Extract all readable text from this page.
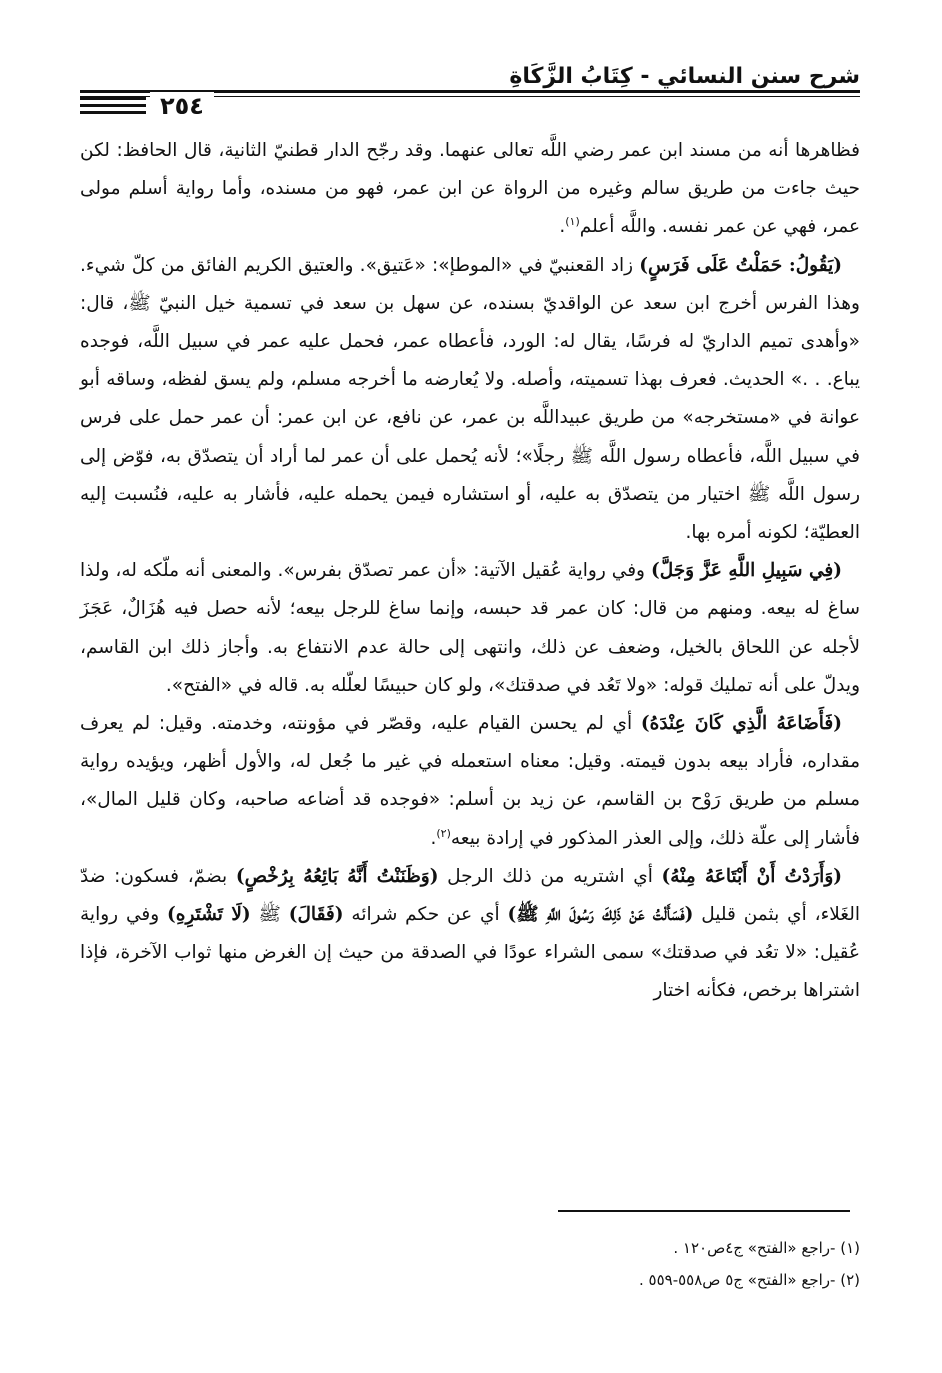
شرح سنن النسائي - كِتَابُ الزَّكَاةِ
٢٥٤

فظاهرها أنه من مسند ابن عمر رضي اللَّه تعالى عنهما. وقد رجّح الدار قطنيّ الثانية، قال الحافظ: لكن حيث جاءت من طريق سالم وغيره من الرواة عن ابن عمر، فهو من مسنده، وأما رواية أسلم مولى عمر، فهي عن عمر نفسه. واللَّه أعلم$^{(١)}$.

(يَقُولُ: حَمَلْتُ عَلَى فَرَسٍ) زاد القعنبيّ في «الموطإ»: «عَتيق». والعتيق الكريم الفائق من كلّ شيء. وهذا الفرس أخرج ابن سعد عن الواقديّ بسنده، عن سهل بن سعد في تسمية خيل النبيّ ﷺ، قال: «وأهدى تميم الداريّ له فرسًا، يقال له: الورد، فأعطاه عمر، فحمل عليه عمر في سبيل اللَّه، فوجده يباع. . .» الحديث. فعرف بهذا تسميته، وأصله. ولا يُعارضه ما أخرجه مسلم، ولم يسق لفظه، وساقه أبو عوانة في «مستخرجه» من طريق عبيداللَّه بن عمر، عن نافع، عن ابن عمر: أن عمر حمل على فرس في سبيل اللَّه، فأعطاه رسول اللَّه ﷺ رجلًا»؛ لأنه يُحمل على أن عمر لما أراد أن يتصدّق به، فوّض إلى رسول اللَّه ﷺ اختيار من يتصدّق به عليه، أو استشاره فيمن يحمله عليه، فأشار به عليه، فنُسبت إليه العطيّة؛ لكونه أمره بها.

(فِي سَبِيلِ اللَّهِ عَزَّ وَجَلَّ) وفي رواية عُقيل الآتية: «أن عمر تصدّق بفرس». والمعنى أنه ملّكه له، ولذا ساغ له بيعه. ومنهم من قال: كان عمر قد حبسه، وإنما ساغ للرجل بيعه؛ لأنه حصل فيه هُزَالٌ، عَجَزَ لأجله عن اللحاق بالخيل، وضعف عن ذلك، وانتهى إلى حالة عدم الانتفاع به. وأجاز ذلك ابن القاسم، ويدلّ على أنه تمليك قوله: «ولا تَعُد في صدقتك»، ولو كان حبيسًا لعلّله به. قاله في «الفتح».

(فَأَضَاعَهُ الَّذِي كَانَ عِنْدَهُ) أي لم يحسن القيام عليه، وقصّر في مؤونته، وخدمته. وقيل: لم يعرف مقداره، فأراد بيعه بدون قيمته. وقيل: معناه استعمله في غير ما جُعل له، والأول أظهر، ويؤيده رواية مسلم من طريق رَوْح بن القاسم، عن زيد بن أسلم: «فوجده قد أضاعه صاحبه، وكان قليل المال»، فأشار إلى علّة ذلك، وإلى العذر المذكور في إرادة بيعه$^{(٢)}$.

(وَأَرَدْتُ أَنْ أَبْتَاعَهُ مِنْهُ) أي اشتريه من ذلك الرجل (وَظَنَنْتُ أَنَّهُ بَائِعُهُ بِرُخْصٍ) بضمّ، فسكون: ضدّ الغَلاء، أي بثمن قليل (فَسَأَلْتُ عَنْ ذَلِكَ رَسُولَ اللَّهِ ﷺ) أي عن حكم شرائه (فَقَالَ) ﷺ (لَا تَشْتَرِهِ) وفي رواية عُقيل: «لا تعُد في صدقتك» سمى الشراء عودًا في الصدقة من حيث إن الغرض منها ثواب الآخرة، فإذا اشتراها برخص، فكأنه اختار

(١) -راجع «الفتح» ج٤ص١٢٠ .

(٢) -راجع «الفتح» ج٥ ص٥٥٨-٥٥٩ .
